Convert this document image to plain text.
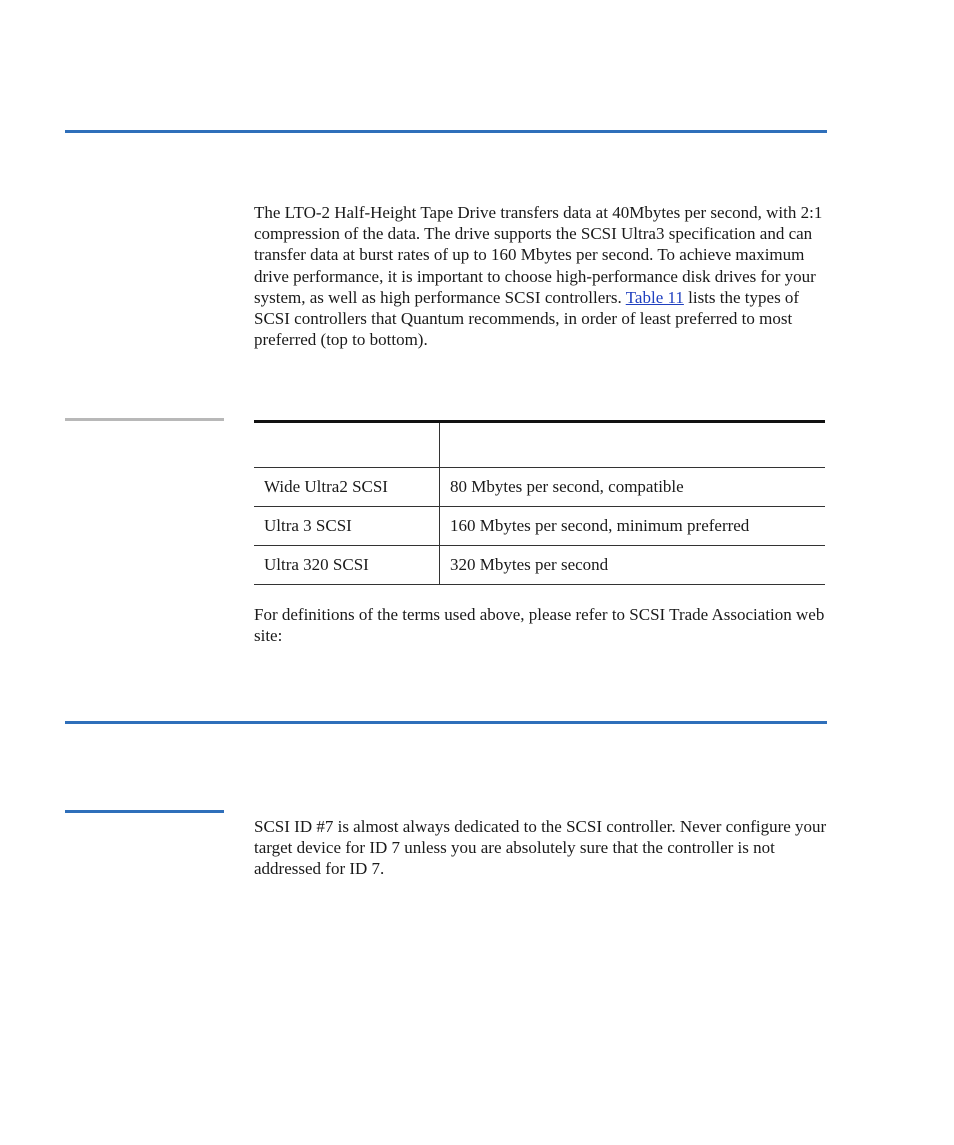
The LTO-2 Half-Height Tape Drive transfers data at 40Mbytes per second, with 2:1 compression of the data. The drive supports the SCSI Ultra3 specification and can transfer data at burst rates of up to 160 Mbytes per second. To achieve maximum drive performance, it is important to choose high-performance disk drives for your system, as well as high performance SCSI controllers. Table 11 lists the types of SCSI controllers that Quantum recommends, in order of least preferred to most preferred (top to bottom).

Wide Ultra2 SCSI	80 Mbytes per second, compatible
Ultra 3 SCSI	160 Mbytes per second, minimum preferred
Ultra 320 SCSI	320 Mbytes per second

For definitions of the terms used above, please refer to SCSI Trade Association web site:

SCSI ID #7 is almost always dedicated to the SCSI controller. Never configure your target device for ID 7 unless you are absolutely sure that the controller is not addressed for ID 7.
